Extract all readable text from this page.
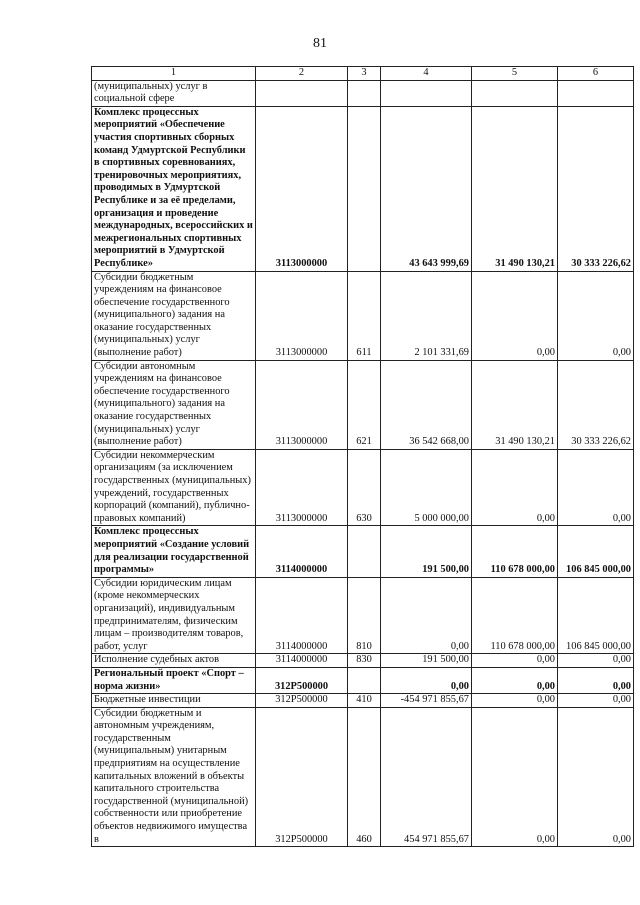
81
1	2	3	4	5	6
(муниципальных) услуг в социальной сфере					
Комплекс процессных мероприятий «Обеспечение участия спортивных сборных команд Удмуртской Республики в спортивных соревнованиях, тренировочных мероприятиях, проводимых в Удмуртской Республике и за её пределами, организация и проведение международных, всероссийских и межрегиональных спортивных мероприятий в Удмуртской Республике»	3113000000		43 643 999,69	31 490 130,21	30 333 226,62
Субсидии бюджетным учреждениям на финансовое обеспечение государственного (муниципального) задания на оказание государственных (муниципальных) услуг (выполнение работ)	3113000000	611	2 101 331,69	0,00	0,00
Субсидии автономным учреждениям на финансовое обеспечение государственного (муниципального) задания на оказание государственных (муниципальных) услуг (выполнение работ)	3113000000	621	36 542 668,00	31 490 130,21	30 333 226,62
Субсидии некоммерческим организациям (за исключением государственных (муниципальных) учреждений, государственных корпораций (компаний), публично-правовых компаний)	3113000000	630	5 000 000,00	0,00	0,00
Комплекс процессных мероприятий «Создание условий для реализации государственной программы»	3114000000		191 500,00	110 678 000,00	106 845 000,00
Субсидии юридическим лицам (кроме некоммерческих организаций), индивидуальным предпринимателям, физическим лицам – производителям товаров, работ, услуг	3114000000	810	0,00	110 678 000,00	106 845 000,00
Исполнение судебных актов	3114000000	830	191 500,00	0,00	0,00
Региональный проект «Спорт – норма жизни»	312Р500000		0,00	0,00	0,00
Бюджетные инвестиции	312Р500000	410	-454 971 855,67	0,00	0,00
Субсидии бюджетным и автономным учреждениям, государственным (муниципальным) унитарным предприятиям на осуществление капитальных вложений в объекты капитального строительства государственной (муниципальной) собственности или приобретение объектов недвижимого имущества в	312Р500000	460	454 971 855,67	0,00	0,00
